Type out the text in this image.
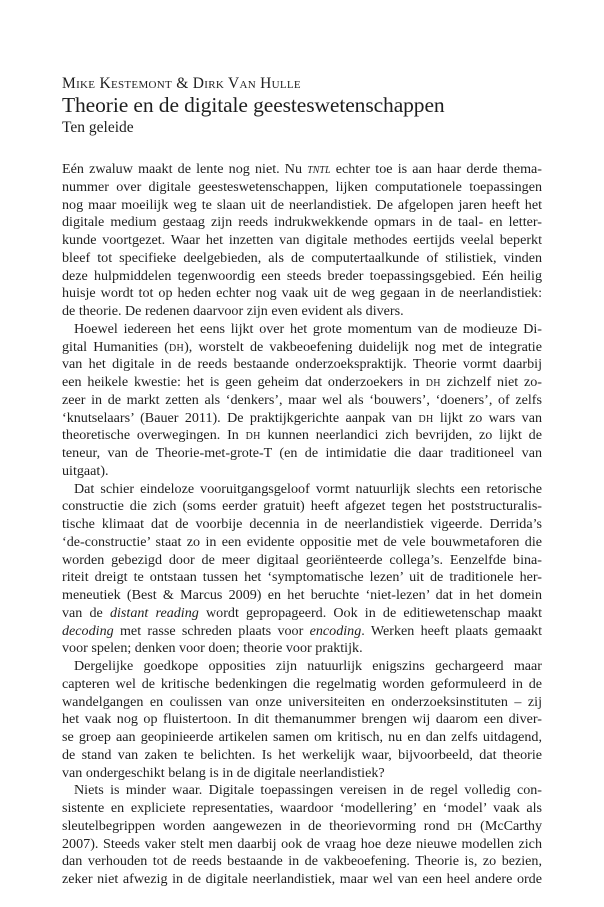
Mike Kestemont & Dirk Van Hulle
Theorie en de digitale geesteswetenschappen
Ten geleide
Eén zwaluw maakt de lente nog niet. Nu tntl echter toe is aan haar derde thema-
nummer over digitale geesteswetenschappen, lijken computationele toepassingen
nog maar moeilijk weg te slaan uit de neerlandistiek. De afgelopen jaren heeft het
digitale medium gestaag zijn reeds indrukwekkende opmars in de taal- en letter-
kunde voortgezet. Waar het inzetten van digitale methodes eertijds veelal beperkt
bleef tot specifieke deelgebieden, als de computertaalkunde of stilistiek, vinden
deze hulpmiddelen tegenwoordig een steeds breder toepassingsgebied. Eén heilig
huisje wordt tot op heden echter nog vaak uit de weg gegaan in de neerlandistiek:
de theorie. De redenen daarvoor zijn even evident als divers.
Hoewel iedereen het eens lijkt over het grote momentum van de modieuze Di-
gital Humanities (dh), worstelt de vakbeoefening duidelijk nog met de integratie
van het digitale in de reeds bestaande onderzoekspraktijk. Theorie vormt daarbij
een heikele kwestie: het is geen geheim dat onderzoekers in dh zichzelf niet zo-
zeer in de markt zetten als ‘denkers’, maar wel als ‘bouwers’, ‘doeners’, of zelfs
‘knutselaars’ (Bauer 2011). De praktijkgerichte aanpak van dh lijkt zo wars van
theoretische overwegingen. In dh kunnen neerlandici zich bevrijden, zo lijkt de
teneur, van de Theorie-met-grote-T (en de intimidatie die daar traditioneel van
uitgaat).
Dat schier eindeloze vooruitgangsgeloof vormt natuurlijk slechts een retorische
constructie die zich (soms eerder gratuit) heeft afgezet tegen het poststructuralis-
tische klimaat dat de voorbije decennia in de neerlandistiek vigeerde. Derrida’s
‘de-constructie’ staat zo in een evidente oppositie met de vele bouwmetaforen die
worden gebezigd door de meer digitaal georiënteerde collega’s. Eenzelfde bina-
riteit dreigt te ontstaan tussen het ‘symptomatische lezen’ uit de traditionele her-
meneutiek (Best & Marcus 2009) en het beruchte ‘niet-lezen’ dat in het domein
van de distant reading wordt gepropageerd. Ook in de editiewetenschap maakt
decoding met rasse schreden plaats voor encoding. Werken heeft plaats gemaakt
voor spelen; denken voor doen; theorie voor praktijk.
Dergelijke goedkope opposities zijn natuurlijk enigszins gechargeerd maar
capteren wel de kritische bedenkingen die regelmatig worden geformuleerd in de
wandelgangen en coulissen van onze universiteiten en onderzoeksinstituten – zij
het vaak nog op fluistertoon. In dit themanummer brengen wij daarom een diver-
se groep aan geopinieerde artikelen samen om kritisch, nu en dan zelfs uitdagend,
de stand van zaken te belichten. Is het werkelijk waar, bijvoorbeeld, dat theorie
van ondergeschikt belang is in de digitale neerlandistiek?
Niets is minder waar. Digitale toepassingen vereisen in de regel volledig con-
sistente en expliciete representaties, waardoor ‘modellering’ en ‘model’ vaak als
sleutelbegrippen worden aangewezen in de theorievorming rond dh (McCarthy
2007). Steeds vaker stelt men daarbij ook de vraag hoe deze nieuwe modellen zich
dan verhouden tot de reeds bestaande in de vakbeoefening. Theorie is, zo bezien,
zeker niet afwezig in de digitale neerlandistiek, maar wel van een heel andere orde
